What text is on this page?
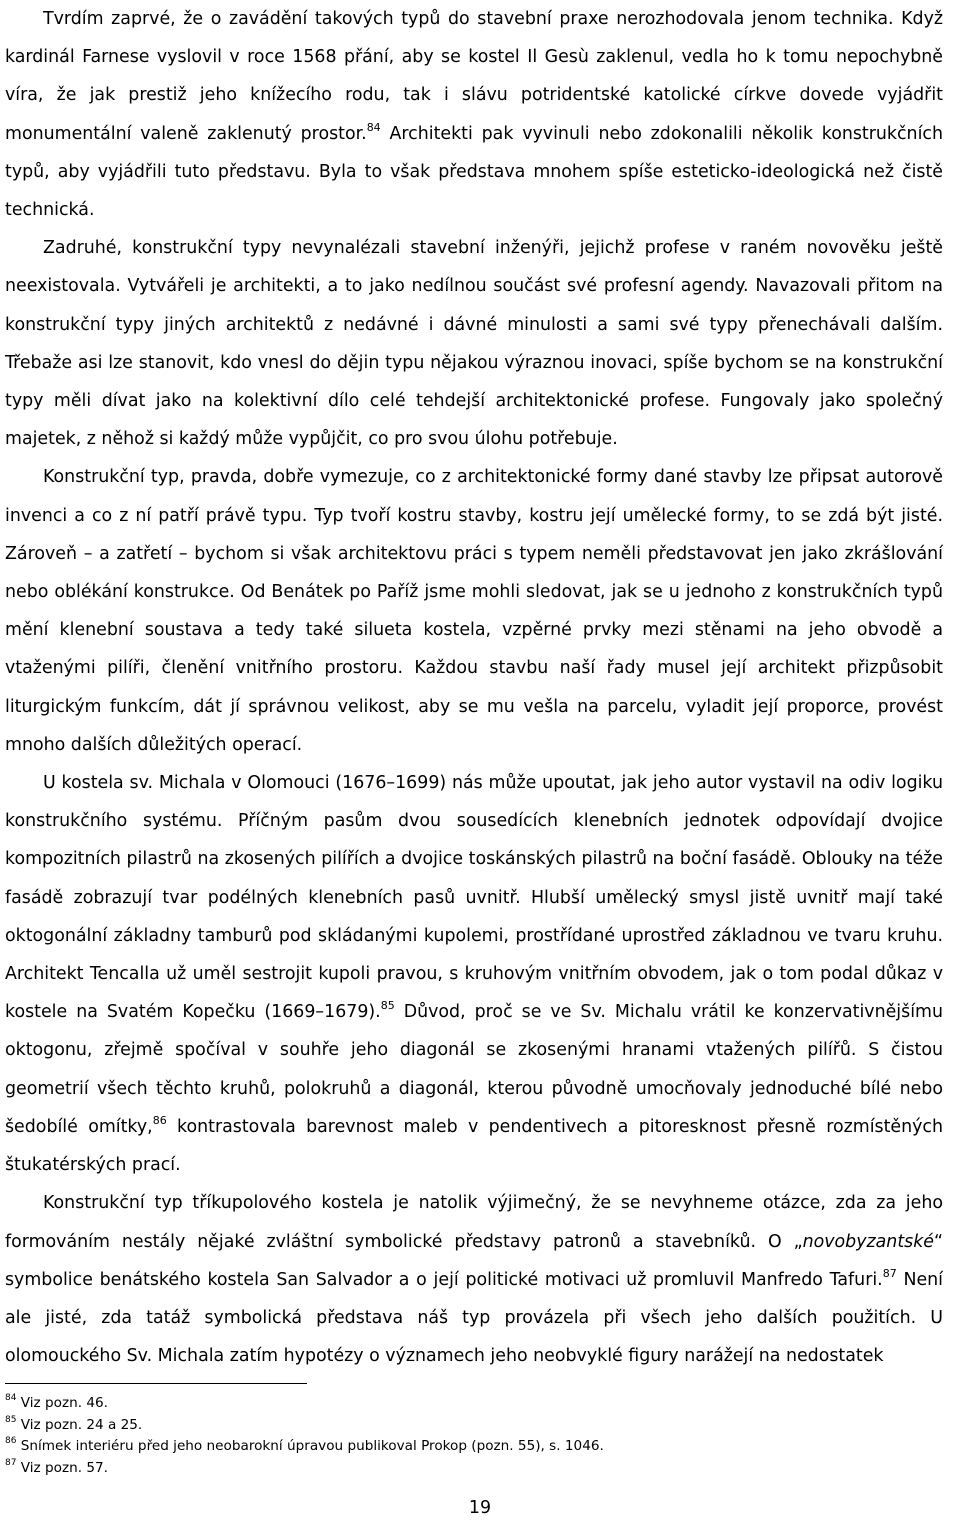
Tvrdím zaprvé, že o zavádění takových typů do stavební praxe nerozhodovala jenom technika. Když kardinál Farnese vyslovil v roce 1568 přání, aby se kostel Il Gesù zaklenul, vedla ho k tomu nepochybně víra, že jak prestiž jeho knížecího rodu, tak i slávu potridentské katolické církve dovede vyjádřit monumentální valeně zaklenutý prostor.$^{84}$ Architekti pak vyvinuli nebo zdokonalili několik konstrukčních typů, aby vyjádřili tuto představu. Byla to však představa mnohem spíše esteticko-ideologická než čistě technická.

Zadruhé, konstrukční typy nevynalézali stavební inženýři, jejichž profese v raném novověku ještě neexistovala. Vytvářeli je architekti, a to jako nedílnou součást své profesní agendy. Navazovali přitom na konstrukční typy jiných architektů z nedávné i dávné minulosti a sami své typy přenechávali dalším. Třebaže asi lze stanovit, kdo vnesl do dějin typu nějakou výraznou inovaci, spíše bychom se na konstrukční typy měli dívat jako na kolektivní dílo celé tehdejší architektonické profese. Fungovaly jako společný majetek, z něhož si každý může vypůjčit, co pro svou úlohu potřebuje.

Konstrukční typ, pravda, dobře vymezuje, co z architektonické formy dané stavby lze připsat autorově invenci a co z ní patří právě typu. Typ tvoří kostru stavby, kostru její umělecké formy, to se zdá být jisté. Zároveň – a zatřetí – bychom si však architektovu práci s typem neměli představovat jen jako zkrášlování nebo oblékání konstrukce. Od Benátek po Paříž jsme mohli sledovat, jak se u jednoho z konstrukčních typů mění klenební soustava a tedy také silueta kostela, vzpěrné prvky mezi stěnami na jeho obvodě a vtaženými pilíři, členění vnitřního prostoru. Každou stavbu naší řady musel její architekt přizpůsobit liturgickým funkcím, dát jí správnou velikost, aby se mu vešla na parcelu, vyladit její proporce, provést mnoho dalších důležitých operací.

U kostela sv. Michala v Olomouci (1676–1699) nás může upoutat, jak jeho autor vystavil na odiv logiku konstrukčního systému. Příčným pasům dvou sousedících klenebních jednotek odpovídají dvojice kompozitních pilastrů na zkosených pilířích a dvojice toskánských pilastrů na boční fasádě. Oblouky na téže fasádě zobrazují tvar podélných klenebních pasů uvnitř. Hlubší umělecký smysl jistě uvnitř mají také oktogonální základny tamburů pod skládanými kupolemi, prostřídané uprostřed základnou ve tvaru kruhu. Architekt Tencalla už uměl sestrojit kupoli pravou, s kruhovým vnitřním obvodem, jak o tom podal důkaz v kostele na Svatém Kopečku (1669–1679).$^{85}$ Důvod, proč se ve Sv. Michalu vrátil ke konzervativnějšímu oktogonu, zřejmě spočíval v souhře jeho diagonál se zkosenými hranami vtažených pilířů. S čistou geometrií všech těchto kruhů, polokruhů a diagonál, kterou původně umocňovaly jednoduché bílé nebo šedobílé omítky,$^{86}$ kontrastovala barevnost maleb v pendentivech a pitoresknost přesně rozmístěných štukatérských prací.

Konstrukční typ tříkupolového kostela je natolik výjimečný, že se nevyhneme otázce, zda za jeho formováním nestály nějaké zvláštní symbolické představy patronů a stavebníků. O „novobyzantské“ symbolice benátského kostela San Salvador a o její politické motivaci už promluvil Manfredo Tafuri.$^{87}$ Není ale jisté, zda tatáž symbolická představa náš typ provázela při všech jeho dalších použitích. U olomouckého Sv. Michala zatím hypotézy o významech jeho neobvyklé figury narážejí na nedostatek

$^{84}$ Viz pozn. 46.
$^{85}$ Viz pozn. 24 a 25.
$^{86}$ Snímek interiéru před jeho neobarokní úpravou publikoval Prokop (pozn. 55), s. 1046.
$^{87}$ Viz pozn. 57.
19
